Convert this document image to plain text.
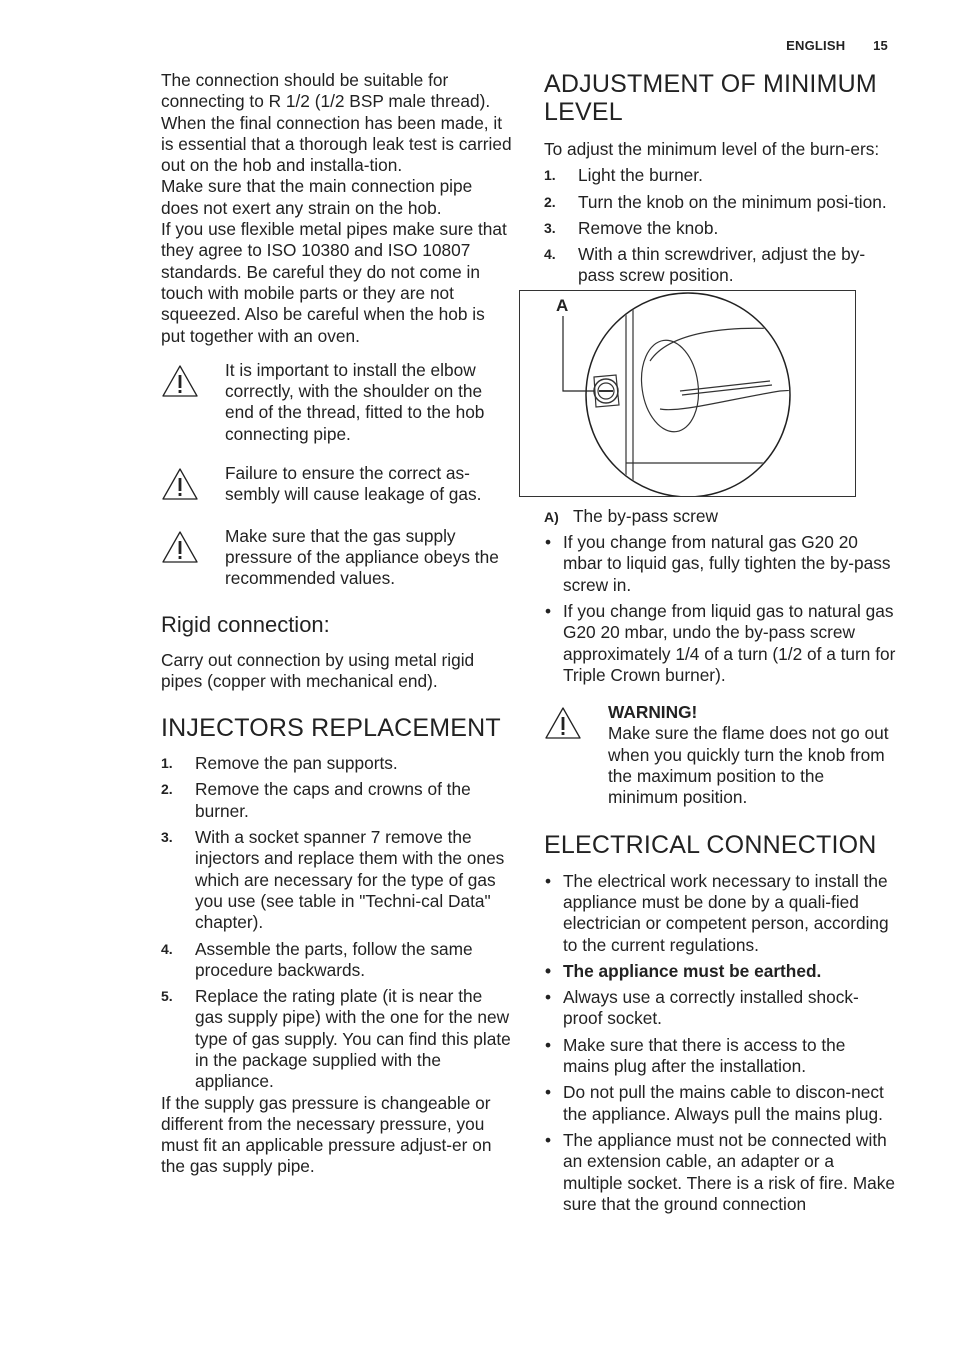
ENGLISH 15

The connection should be suitable for connecting to R 1/2 (1/2 BSP male thread).

When the final connection has been made, it is essential that a thorough leak test is carried out on the hob and installa-tion.

Make sure that the main connection pipe does not exert any strain on the hob.

If you use flexible metal pipes make sure that they agree to ISO 10380 and ISO 10807 standards. Be careful they do not come in touch with mobile parts or they are not squeezed. Also be careful when the hob is put together with an oven.

It is important to install the elbow correctly, with the shoulder on the end of the thread, fitted to the hob connecting pipe.

Failure to ensure the correct as-sembly will cause leakage of gas.

Make sure that the gas supply pressure of the appliance obeys the recommended values.

Rigid connection:

Carry out connection by using metal rigid pipes (copper with mechanical end).

INJECTORS REPLACEMENT
1. Remove the pan supports.
2. Remove the caps and crowns of the burner.
3. With a socket spanner 7 remove the injectors and replace them with the ones which are necessary for the type of gas you use (see table in "Techni-cal Data" chapter).
4. Assemble the parts, follow the same procedure backwards.
5. Replace the rating plate (it is near the gas supply pipe) with the one for the new type of gas supply. You can find this plate in the package supplied with the appliance.

If the supply gas pressure is changeable or different from the necessary pressure, you must fit an applicable pressure adjust-er on the gas supply pipe.

ADJUSTMENT OF MINIMUM LEVEL

To adjust the minimum level of the burn-ers:

1. Light the burner.
2. Turn the knob on the minimum posi-tion.
3. Remove the knob.
4. With a thin screwdriver, adjust the by-pass screw position.
A

A) The by-pass screw

• If you change from natural gas G20 20 mbar to liquid gas, fully tighten the by-pass screw in.
• If you change from liquid gas to natural gas G20 20 mbar, undo the by-pass screw approximately 1/4 of a turn (1/2 of a turn for Triple Crown burner).

WARNING!

Make sure the flame does not go out when you quickly turn the knob from the maximum position to the minimum position.

ELECTRICAL CONNECTION
• The electrical work necessary to install the appliance must be done by a quali-fied electrician or competent person, according to the current regulations.
• The appliance must be earthed.
• Always use a correctly installed shock-proof socket.
• Make sure that there is access to the mains plug after the installation.
• Do not pull the mains cable to discon-nect the appliance. Always pull the mains plug.
• The appliance must not be connected with an extension cable, an adapter or a multiple socket. There is a risk of fire. Make sure that the ground connection
